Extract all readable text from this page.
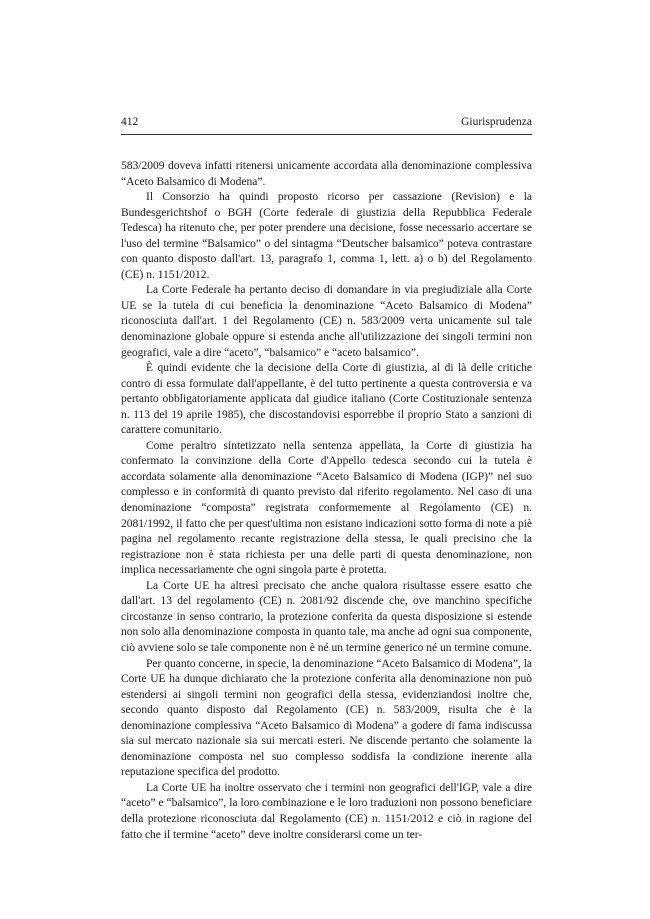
412	Giurisprudenza

583/2009 doveva infatti ritenersi unicamente accordata alla denominazione complessiva “Aceto Balsamico di Modena”.

Il Consorzio ha quindi proposto ricorso per cassazione (Revision) e la Bundesgerichtshof o BGH (Corte federale di giustizia della Repubblica Federale Tedesca) ha ritenuto che, per poter prendere una decisione, fosse necessario accertare se l'uso del termine “Balsamico” o del sintagma “Deutscher balsamico” poteva contrastare con quanto disposto dall'art. 13, paragrafo 1, comma 1, lett. a) o b) del Regolamento (CE) n. 1151/2012.

La Corte Federale ha pertanto deciso di domandare in via pregiudiziale alla Corte UE se la tutela di cui beneficia la denominazione “Aceto Balsamico di Modena” riconosciuta dall'art. 1 del Regolamento (CE) n. 583/2009 verta unicamente sul tale denominazione globale oppure si estenda anche all'utilizzazione dei singoli termini non geografici, vale a dire “aceto”, “balsamico” e “aceto balsamico”.

È quindi evidente che la decisione della Corte di giustizia, al di là delle critiche contro di essa formulate dall'appellante, è del tutto pertinente a questa controversia e va pertanto obbligatoriamente applicata dal giudice italiano (Corte Costituzionale sentenza n. 113 del 19 aprile 1985), che discostandovisi esporrebbe il proprio Stato a sanzioni di carattere comunitario.

Come peraltro sintetizzato nella sentenza appellata, la Corte di giustizia ha confermato la convinzione della Corte d'Appello tedesca secondo cui la tutela è accordata solamente alla denominazione “Aceto Balsamico di Modena (IGP)” nel suo complesso e in conformità di quanto previsto dal riferito regolamento. Nel caso di una denominazione “composta” registrata conformemente al Regolamento (CE) n. 2081/1992, il fatto che per quest'ultima non esistano indicazioni sotto forma di note a piè pagina nel regolamento recante registrazione della stessa, le quali precisino che la registrazione non è stata richiesta per una delle parti di questa denominazione, non implica necessariamente che ogni singola parte è protetta.

La Corte UE ha altresì precisato che anche qualora risultasse essere esatto che dall'art. 13 del regolamento (CE) n. 2081/92 discende che, ove manchino specifiche circostanze in senso contrario, la protezione conferita da questa disposizione si estende non solo alla denominazione composta in quanto tale, ma anche ad ogni sua componente, ciò avviene solo se tale componente non è né un termine generico né un termine comune.

Per quanto concerne, in specie, la denominazione “Aceto Balsamico di Modena”, la Corte UE ha dunque dichiarato che la protezione conferita alla denominazione non può estendersi ai singoli termini non geografici della stessa, evidenziandosi inoltre che, secondo quanto disposto dal Regolamento (CE) n. 583/2009, risulta che è la denominazione complessiva “Aceto Balsamico di Modena” a godere di fama indiscussa sia sul mercato nazionale sia sui mercati esteri. Ne discende pertanto che solamente la denominazione composta nel suo complesso soddisfa la condizione inerente alla reputazione specifica del prodotto.

La Corte UE ha inoltre osservato che i termini non geografici dell'IGP, vale a dire “aceto” e “balsamico”, la loro combinazione e le loro traduzioni non possono beneficiare della protezione riconosciuta dal Regolamento (CE) n. 1151/2012 e ciò in ragione del fatto che il termine “aceto” deve inoltre considerarsi come un ter-
